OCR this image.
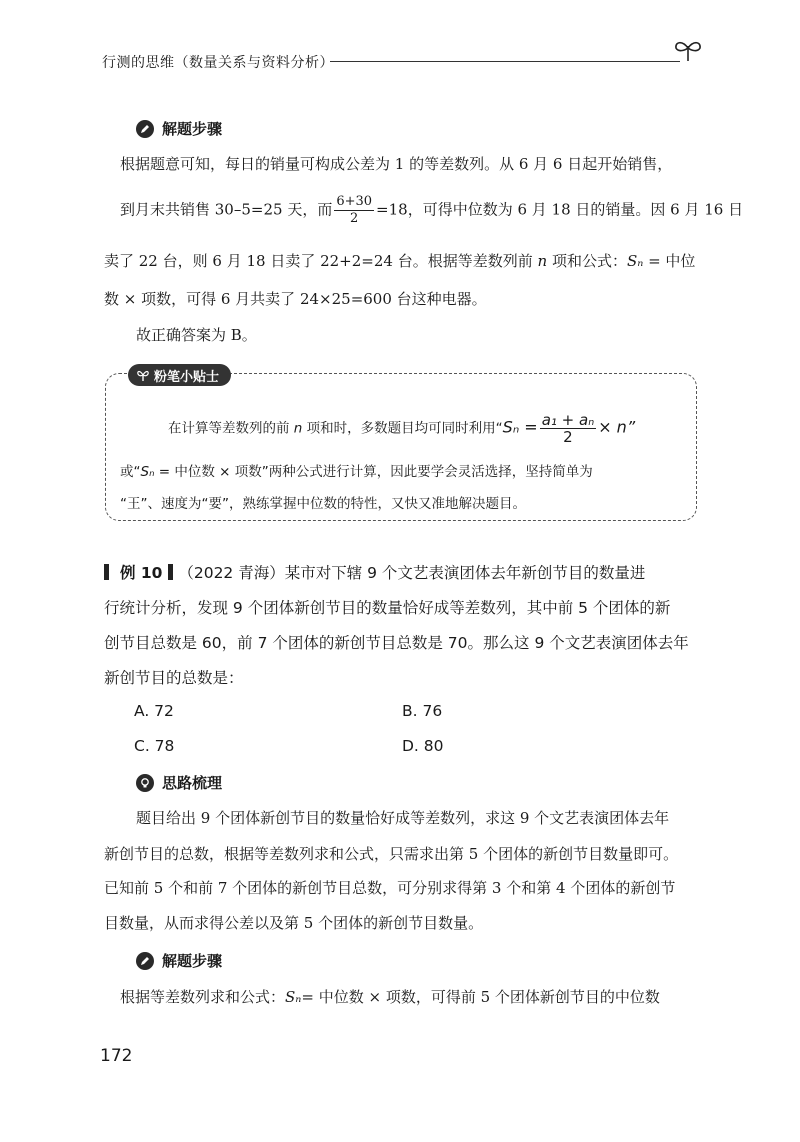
行测的思维（数量关系与资料分析）
解题步骤
根据题意可知，每日的销量可构成公差为 1 的等差数列。从 6 月 6 日起开始销售，
到月末共销售 30–5=25 天，而 $\frac{6+30}{2} =18$，可得中位数为 6 月 18 日的销量。因 6 月 16 日
卖了 22 台，则 6 月 18 日卖了 22+2=24 台。根据等差数列前 n 项和公式：Sₙ = 中位
数 × 项数，可得 6 月共卖了 24×25=600 台这种电器。
故正确答案为 B。
粉笔小贴士
在计算等差数列的前 n 项和时，多数题目均可同时利用“$S_n = \frac{\text{a₁ + aₙ}}{2} \times n$”
或“Sₙ = 中位数 × 项数”两种公式进行计算，因此要学会灵活选择，坚持简单为
“王”、速度为“要”，熟练掌握中位数的特性，又快又准地解决题目。
例 10 （2022 青海）某市对下辖 9 个文艺表演团体去年新创节目的数量进
行统计分析，发现 9 个团体新创节目的数量恰好成等差数列，其中前 5 个团体的新
创节目总数是 60，前 7 个团体的新创节目总数是 70。那么这 9 个文艺表演团体去年
新创节目的总数是：
A. 72	B. 76
C. 78	D. 80
思路梳理
题目给出 9 个团体新创节目的数量恰好成等差数列，求这 9 个文艺表演团体去年
新创节目的总数，根据等差数列求和公式，只需求出第 5 个团体的新创节目数量即可。
已知前 5 个和前 7 个团体的新创节目总数，可分别求得第 3 个和第 4 个团体的新创节
目数量，从而求得公差以及第 5 个团体的新创节目数量。
解题步骤
根据等差数列求和公式：Sₙ= 中位数 × 项数，可得前 5 个团体新创节目的中位数
172
